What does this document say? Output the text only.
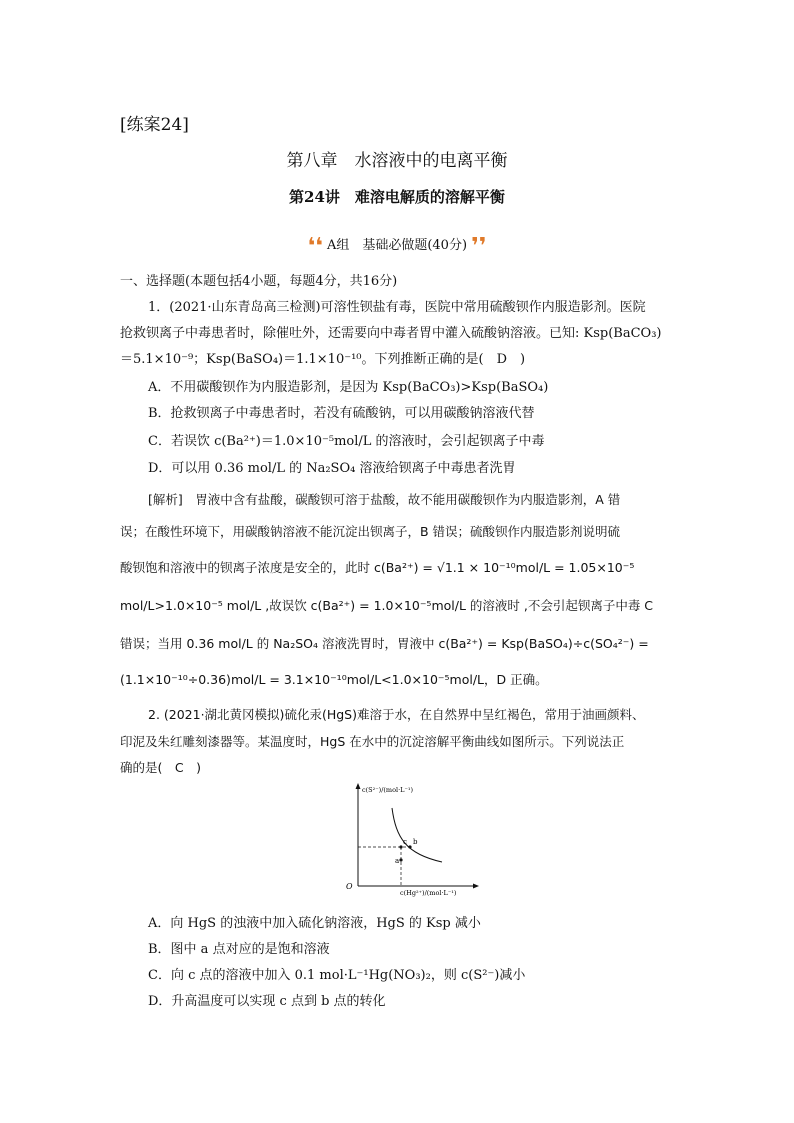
[练案24]
第八章　水溶液中的电离平衡
第24讲　难溶电解质的溶解平衡
❛❛ A组　基础必做题(40分) ❜❜
一、选择题(本题包括4小题，每题4分，共16分)
1．(2021·山东青岛高三检测)可溶性钡盐有毒，医院中常用硫酸钡作内服造影剂。医院
抢救钡离子中毒患者时，除催吐外，还需要向中毒者胃中灌入硫酸钠溶液。已知: Ksp(BaCO₃)
＝5.1×10⁻⁹；Ksp(BaSO₄)＝1.1×10⁻¹⁰。下列推断正确的是(　D　)
A．不用碳酸钡作为内服造影剂，是因为 Ksp(BaCO₃)>Ksp(BaSO₄)
B．抢救钡离子中毒患者时，若没有硫酸钠，可以用碳酸钠溶液代替
C．若误饮 c(Ba²⁺)＝1.0×10⁻⁵mol/L 的溶液时，会引起钡离子中毒
D．可以用 0.36 mol/L 的 Na₂SO₄ 溶液给钡离子中毒患者洗胃
[解析]　胃液中含有盐酸，碳酸钡可溶于盐酸，故不能用碳酸钡作为内服造影剂，A 错
误；在酸性环境下，用碳酸钠溶液不能沉淀出钡离子，B 错误；硫酸钡作内服造影剂说明硫
酸钡饱和溶液中的钡离子浓度是安全的，此时 c(Ba²⁺) = √1.1 × 10⁻¹⁰mol/L = 1.05×10⁻⁵
mol/L>1.0×10⁻⁵ mol/L ,故误饮 c(Ba²⁺) = 1.0×10⁻⁵mol/L 的溶液时 ,不会引起钡离子中毒 C
错误；当用 0.36 mol/L 的 Na₂SO₄ 溶液洗胃时，胃液中 c(Ba²⁺) = Ksp(BaSO₄)÷c(SO₄²⁻) =
(1.1×10⁻¹⁰÷0.36)mol/L = 3.1×10⁻¹⁰mol/L<1.0×10⁻⁵mol/L，D 正确。
2. (2021·湖北黄冈模拟)硫化汞(HgS)难溶于水，在自然界中呈红褐色，常用于油画颜料、
印泥及朱红雕刻漆器等。某温度时，HgS 在水中的沉淀溶解平衡曲线如图所示。下列说法正
确的是(　C　)
c(S²⁻)/(mol·L⁻¹)
c(Hg²⁺)/(mol·L⁻¹)
O
c b
a
A．向 HgS 的浊液中加入硫化钠溶液，HgS 的 Ksp 减小
B．图中 a 点对应的是饱和溶液
C．向 c 点的溶液中加入 0.1 mol·L⁻¹Hg(NO₃)₂，则 c(S²⁻)减小
D．升高温度可以实现 c 点到 b 点的转化
